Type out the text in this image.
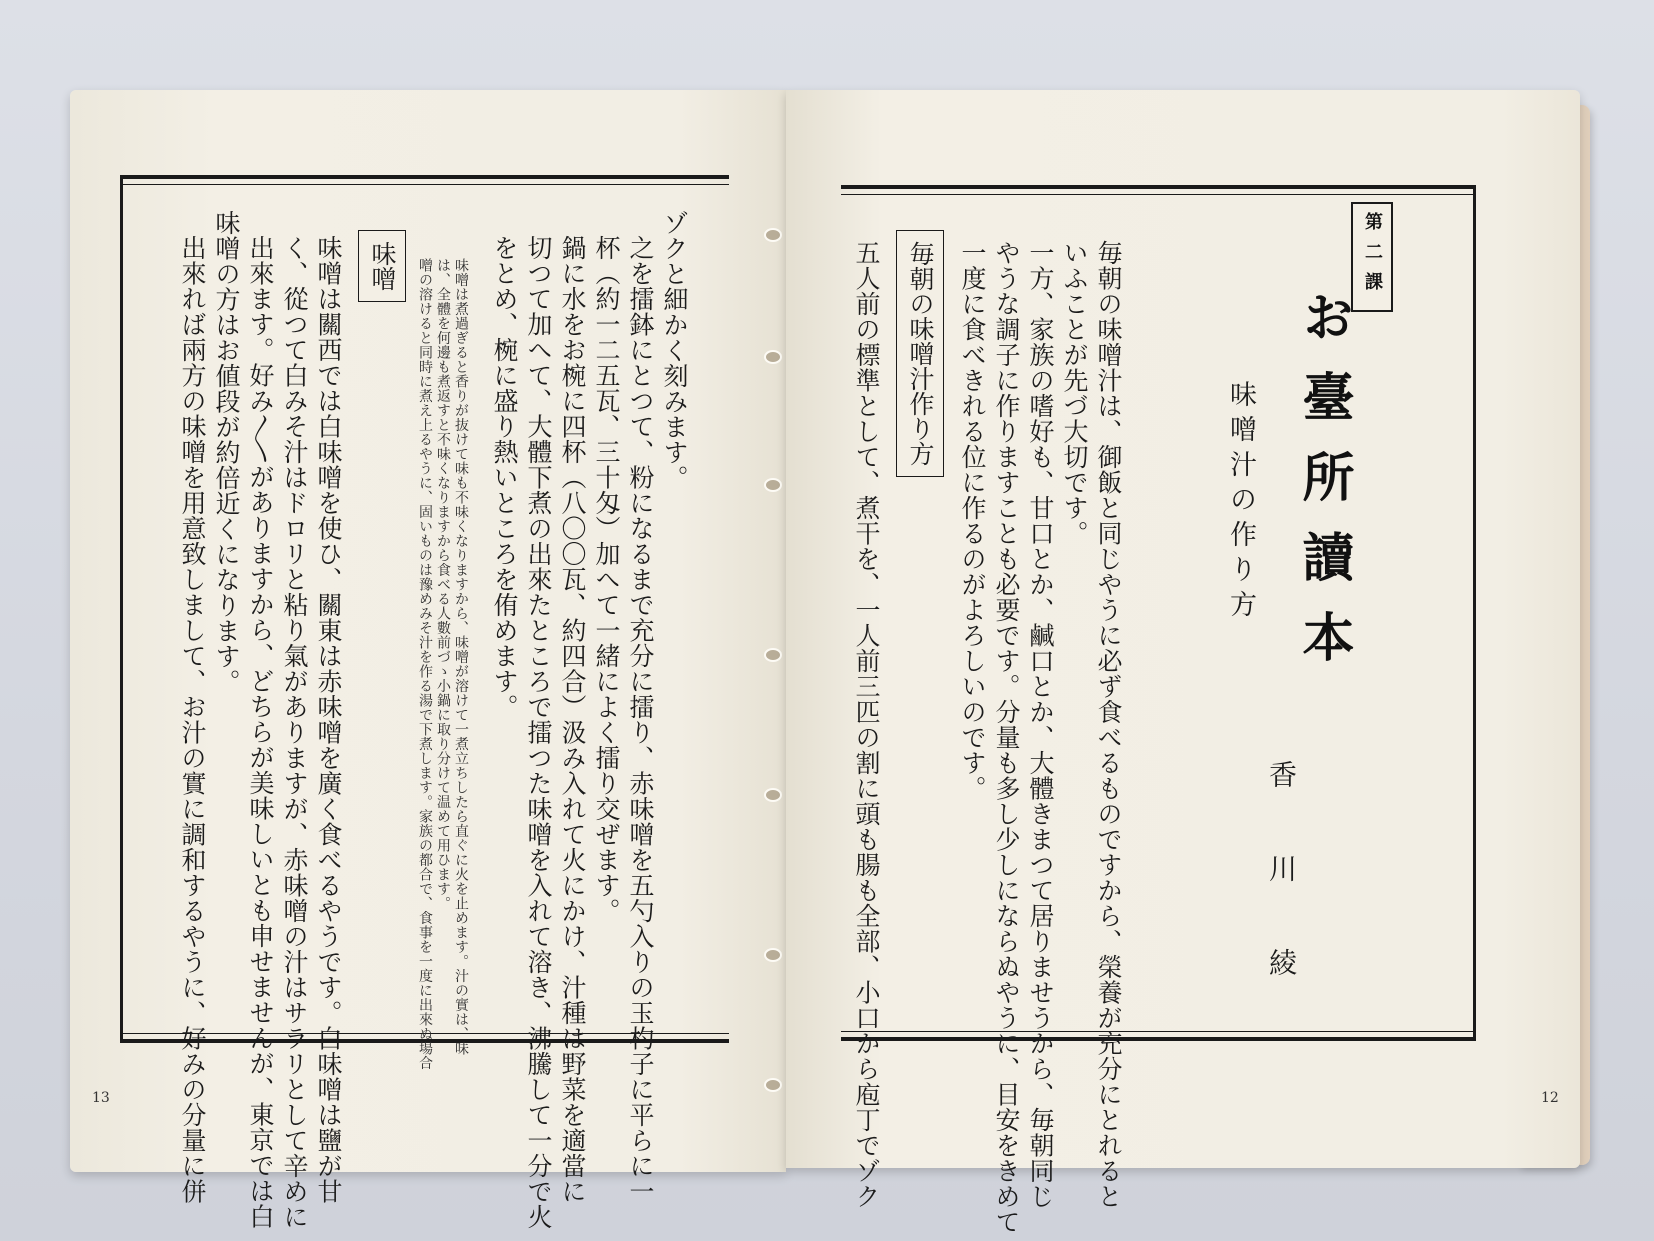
ゾクと細かく刻みます。
之を擂鉢にとつて、粉になるまで充分に擂り、赤味噌を五勺入りの玉杓子に平らに一
杯（約一二五瓦、三十匁）加へて一緒によく擂り交ぜます。
鍋に水をお椀に四杯（八〇〇瓦、約四合）汲み入れて火にかけ、汁種は野菜を適當に
切つて加へて、大體下煮の出來たところで擂つた味噌を入れて溶き、沸騰して一分で火
をとめ、椀に盛り熱いところを侑めます。
味噌は煮過ぎると香りが抜けて味も不味くなりますから、味噌が溶けて一煮立ちしたら直ぐに火を止めます。汁の實は、味
は、全體を何邊も煮返すと不味くなりますから食べる人數前づゝ小鍋に取り分けて温めて用ひます。
噌の溶けると同時に煮え上るやうに、固いものは豫めみそ汁を作る湯で下煮します。家族の都合で、食事を一度に出來ぬ場合
味噌
味噌は關西では白味噌を使ひ、關東は赤味噌を廣く食べるやうです。白味噌は鹽が甘
く、從つて白みそ汁はドロリと粘り氣がありますが、赤味噌の汁はサラリとして辛めに
出來ます。好み〳〵がありますから、どちらが美味しいとも申せませんが、東京では白
味噌の方はお値段が約倍近くになります。
出來れば兩方の味噌を用意致しまして、お汁の實に調和するやうに、好みの分量に併
13
第二課
お臺所讀本
味噌汁の作り方
香川綾
毎朝の味噌汁は、御飯と同じやうに必ず食べるものですから、榮養が充分にとれると
いふことが先づ大切です。
一方、家族の嗜好も、甘口とか、鹹口とか、大體きまつて居りませうから、毎朝同じ
やうな調子に作りますことも必要です。分量も多し少しにならぬやうに、目安をきめて
一度に食べきれる位に作るのがよろしいのです。
毎朝の味噌汁作り方
五人前の標準として、煮干を、一人前三匹の割に頭も腸も全部、小口から庖丁でゾク	12
